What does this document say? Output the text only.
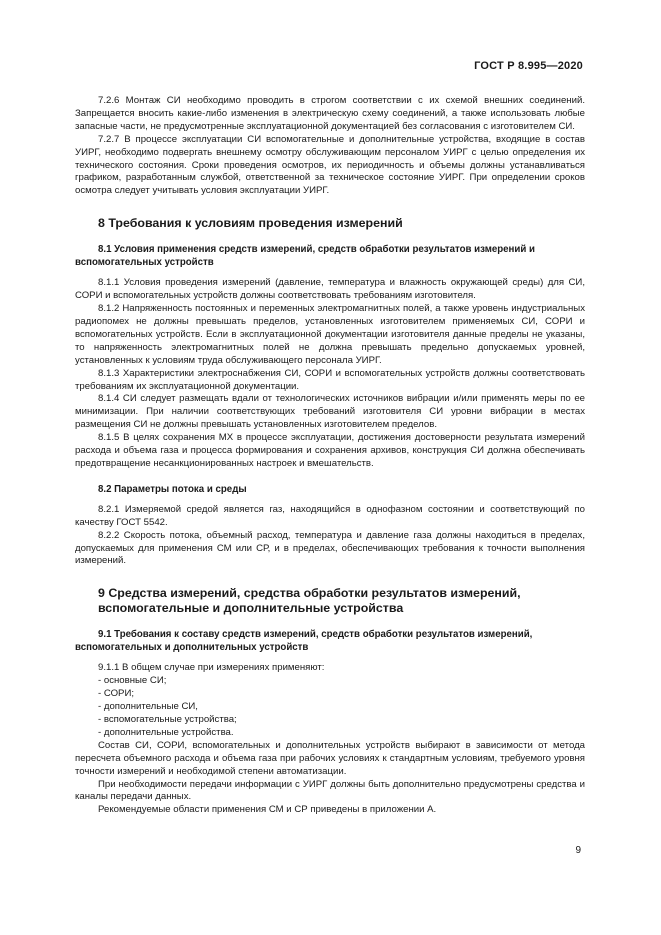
ГОСТ Р 8.995—2020

7.2.6 Монтаж СИ необходимо проводить в строгом соответствии с их схемой внешних соединений. Запрещается вносить какие-либо изменения в электрическую схему соединений, а также использовать любые запасные части, не предусмотренные эксплуатационной документацией без согласования с изготовителем СИ.

7.2.7 В процессе эксплуатации СИ вспомогательные и дополнительные устройства, входящие в состав УИРГ, необходимо подвергать внешнему осмотру обслуживающим персоналом УИРГ с целью определения их технического состояния. Сроки проведения осмотров, их периодичность и объемы должны устанавливаться графиком, разработанным службой, ответственной за техническое состояние УИРГ. При определении сроков осмотра следует учитывать условия эксплуатации УИРГ.

8 Требования к условиям проведения измерений

8.1 Условия применения средств измерений, средств обработки результатов измерений и вспомогательных устройств

8.1.1 Условия проведения измерений (давление, температура и влажность окружающей среды) для СИ, СОРИ и вспомогательных устройств должны соответствовать требованиям изготовителя.

8.1.2 Напряженность постоянных и переменных электромагнитных полей, а также уровень индустриальных радиопомех не должны превышать пределов, установленных изготовителем применяемых СИ, СОРИ и вспомогательных устройств. Если в эксплуатационной документации изготовителя данные пределы не указаны, то напряженность электромагнитных полей не должна превышать предельно допускаемых уровней, установленных к условиям труда обслуживающего персонала УИРГ.

8.1.3 Характеристики электроснабжения СИ, СОРИ и вспомогательных устройств должны соответствовать требованиям их эксплуатационной документации.

8.1.4 СИ следует размещать вдали от технологических источников вибрации и/или применять меры по ее минимизации. При наличии соответствующих требований изготовителя СИ уровни вибрации в местах размещения СИ не должны превышать установленных изготовителем пределов.

8.1.5 В целях сохранения МХ в процессе эксплуатации, достижения достоверности результата измерений расхода и объема газа и процесса формирования и сохранения архивов, конструкция СИ должна обеспечивать предотвращение несанкционированных настроек и вмешательств.

8.2 Параметры потока и среды

8.2.1 Измеряемой средой является газ, находящийся в однофазном состоянии и соответствующий по качеству ГОСТ 5542.

8.2.2 Скорость потока, объемный расход, температура и давление газа должны находиться в пределах, допускаемых для применения СМ или СР, и в пределах, обеспечивающих требования к точности выполнения измерений.

9 Средства измерений, средства обработки результатов измерений,

вспомогательные и дополнительные устройства

9.1 Требования к составу средств измерений, средств обработки результатов измерений, вспомогательных и дополнительных устройств

9.1.1 В общем случае при измерениях применяют:

- основные СИ;

- СОРИ;

- дополнительные СИ,

- вспомогательные устройства;

- дополнительные устройства.

Состав СИ, СОРИ, вспомогательных и дополнительных устройств выбирают в зависимости от метода пересчета объемного расхода и объема газа при рабочих условиях к стандартным условиям, требуемого уровня точности измерений и необходимой степени автоматизации.

При необходимости передачи информации с УИРГ должны быть дополнительно предусмотрены средства и каналы передачи данных.

Рекомендуемые области применения СМ и СР приведены в приложении А.

9
